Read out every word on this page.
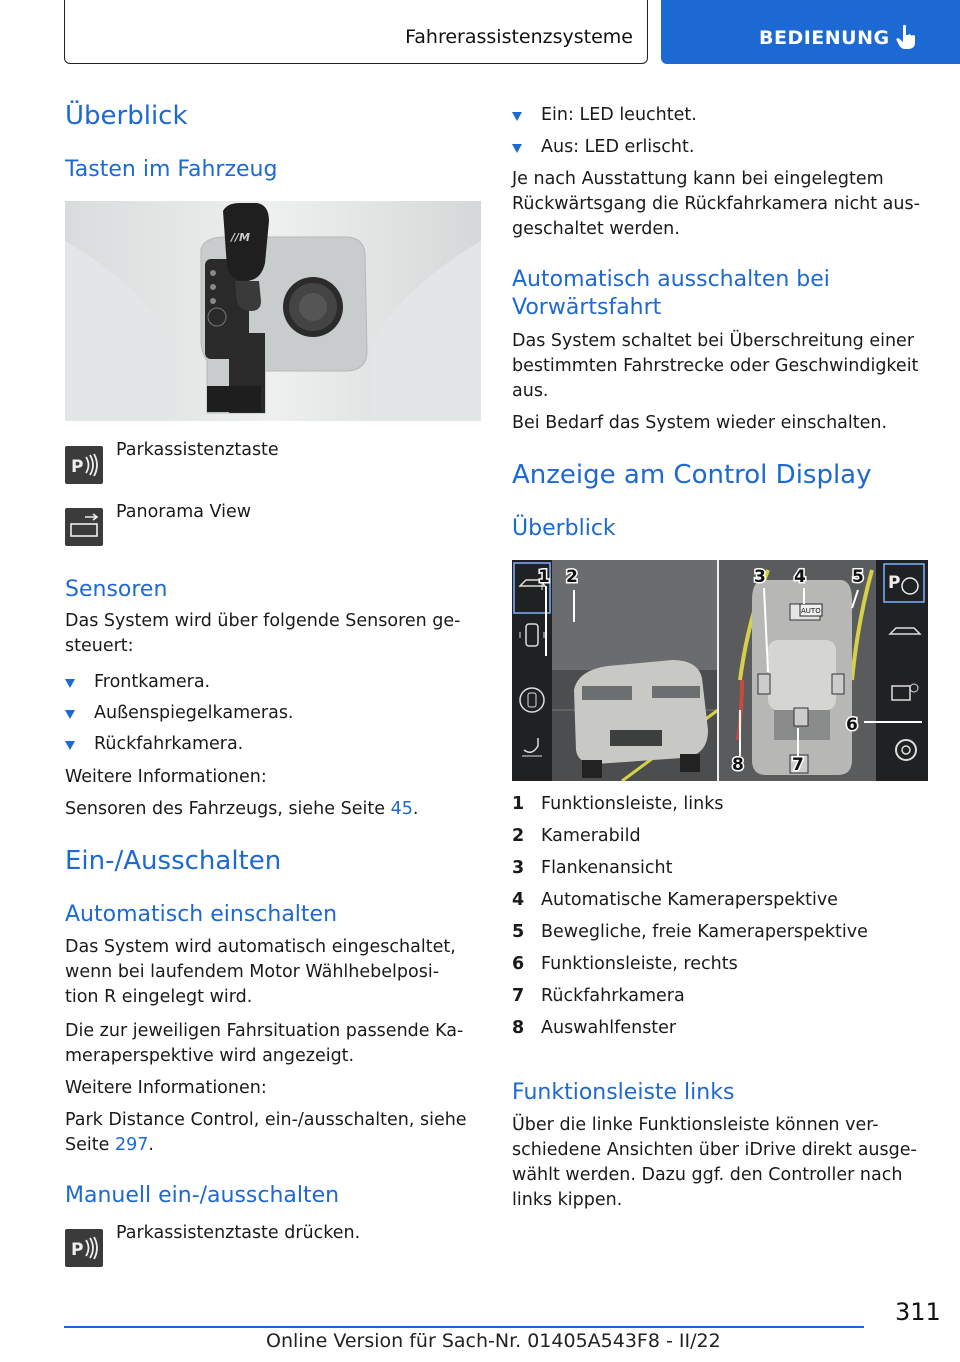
Fahrerassistenzsysteme	BEDIENUNG
Überblick
Tasten im Fahrzeug
//M
P
Parkassistenztaste
Panorama View
Sensoren

Das System wird über folgende Sensoren ge-

steuert:

Frontkamera.
Außenspiegelkameras.
Rückfahrkamera.

Weitere Informationen:

Sensoren des Fahrzeugs, siehe Seite 45.

Ein-/Ausschalten
Automatisch einschalten

Das System wird automatisch eingeschaltet,

wenn bei laufendem Motor Wählhebelposi-

tion R eingelegt wird.

Die zur jeweiligen Fahrsituation passende Ka-

meraperspektive wird angezeigt.

Weitere Informationen:

Park Distance Control, ein-/ausschalten, siehe

Seite 297.

Manuell ein-/ausschalten
P
Parkassistenztaste drücken.
Ein: LED leuchtet.
Aus: LED erlischt.

Je nach Ausstattung kann bei eingelegtem

Rückwärtsgang die Rückfahrkamera nicht aus-

geschaltet werden.

Automatisch ausschalten bei
Vorwärtsfahrt

Das System schaltet bei Überschreitung einer

bestimmten Fahrstrecke oder Geschwindigkeit

aus.

Bei Bedarf das System wieder einschalten.

Anzeige am Control Display
Überblick
AUTO
P
1 2	3 4	5
6
7
8
1 Funktionsleiste, links
2 Kamerabild
3 Flankenansicht
4 Automatische Kameraperspektive
5 Bewegliche, freie Kameraperspektive
6 Funktionsleiste, rechts
7 Rückfahrkamera
8 Auswahlfenster
Funktionsleiste links

Über die linke Funktionsleiste können ver-

schiedene Ansichten über iDrive direkt ausge-

wählt werden. Dazu ggf. den Controller nach

links kippen.

311
Online Version für Sach-Nr. 01405A543F8 - II/22
